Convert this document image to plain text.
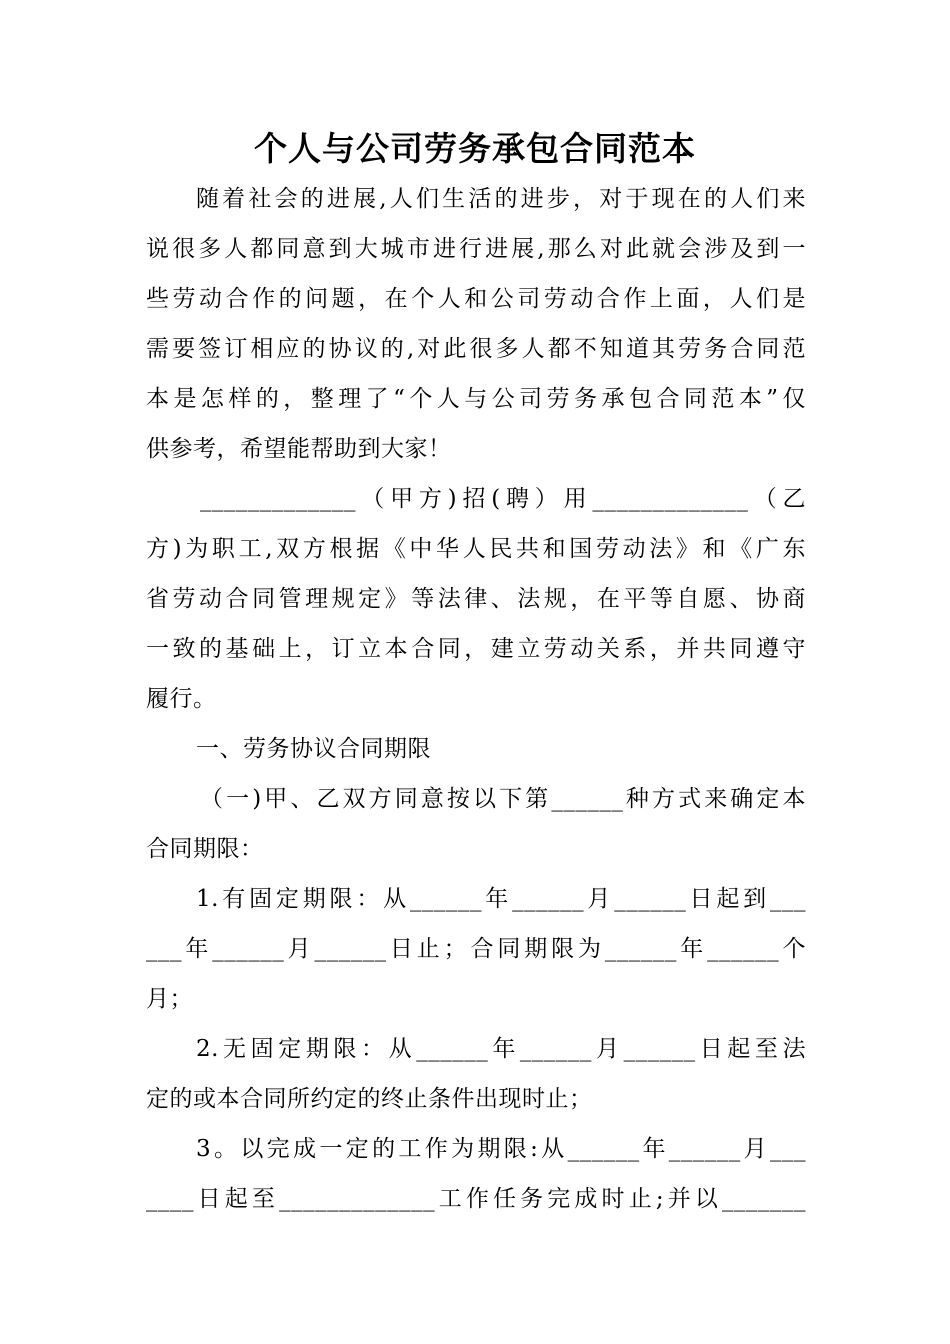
个人与公司劳务承包合同范本
随着社会的进展,人们生活的进步，对于现在的人们来
说很多人都同意到大城市进行进展,那么对此就会涉及到一
些劳动合作的问题，在个人和公司劳动合作上面，人们是
需要签订相应的协议的,对此很多人都不知道其劳务合同范
本是怎样的，整理了“个人与公司劳务承包合同范本”仅
供参考，希望能帮助到大家！
_____________（甲方)招(聘）用_____________（乙
方)为职工,双方根据《中华人民共和国劳动法》和《广东
省劳动合同管理规定》等法律、法规，在平等自愿、协商
一致的基础上，订立本合同，建立劳动关系，并共同遵守
履行。
一、劳务协议合同期限
（一)甲、乙双方同意按以下第______种方式来确定本
合同期限：
1.有固定期限：从______年______月______日起到___
___年______月______日止；合同期限为______年______个
月；
2.无固定期限：从______年______月______日起至法
定的或本合同所约定的终止条件出现时止；
3。以完成一定的工作为期限:从______年______月___
____日起至_____________工作任务完成时止;并以_______
